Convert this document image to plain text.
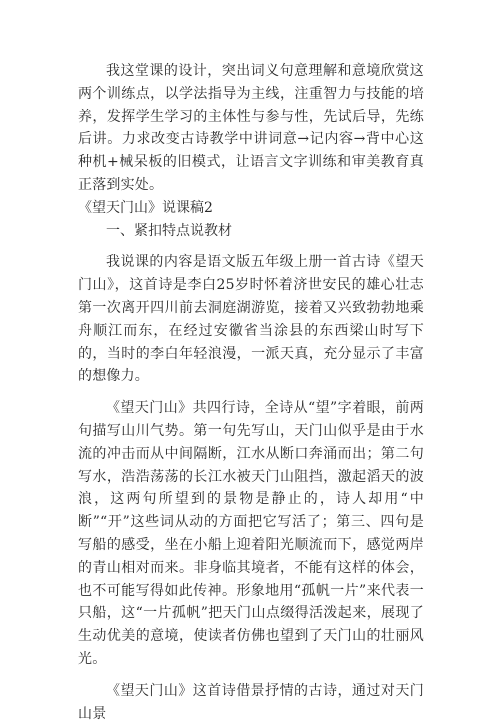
我这堂课的设计，突出词义句意理解和意境欣赏这两个训练点，以学法指导为主线，注重智力与技能的培养，发挥学生学习的主体性与参与性，先试后导，先练后讲。力求改变古诗教学中讲词意→记内容→背中心这种机+械呆板的旧模式，让语言文字训练和审美教育真正落到实处。

《望天门山》说课稿2

一、紧扣特点说教材

我说课的内容是语文版五年级上册一首古诗《望天门山》，这首诗是李白25岁时怀着济世安民的雄心壮志第一次离开四川前去洞庭湖游览，接着又兴致勃勃地乘舟顺江而东，在经过安徽省当涂县的东西梁山时写下的，当时的李白年轻浪漫，一派天真，充分显示了丰富的想像力。

《望天门山》共四行诗，全诗从“望”字着眼，前两句描写山川气势。第一句先写山，天门山似乎是由于水流的冲击而从中间隔断，江水从断口奔涌而出；第二句写水，浩浩荡荡的长江水被天门山阻挡，激起滔天的波浪，这两句所望到的景物是静止的，诗人却用“中断”“开”这些词从动的方面把它写活了；第三、四句是写船的感受，坐在小船上迎着阳光顺流而下，感觉两岸的青山相对而来。非身临其境者，不能有这样的体会，也不可能写得如此传神。形象地用“孤帆一片”来代表一只船，这“一片孤帆”把天门山点缀得活泼起来，展现了生动优美的意境，使读者仿佛也望到了天门山的壮丽风光。

《望天门山》这首诗借景抒情的古诗，通过对天门山景
